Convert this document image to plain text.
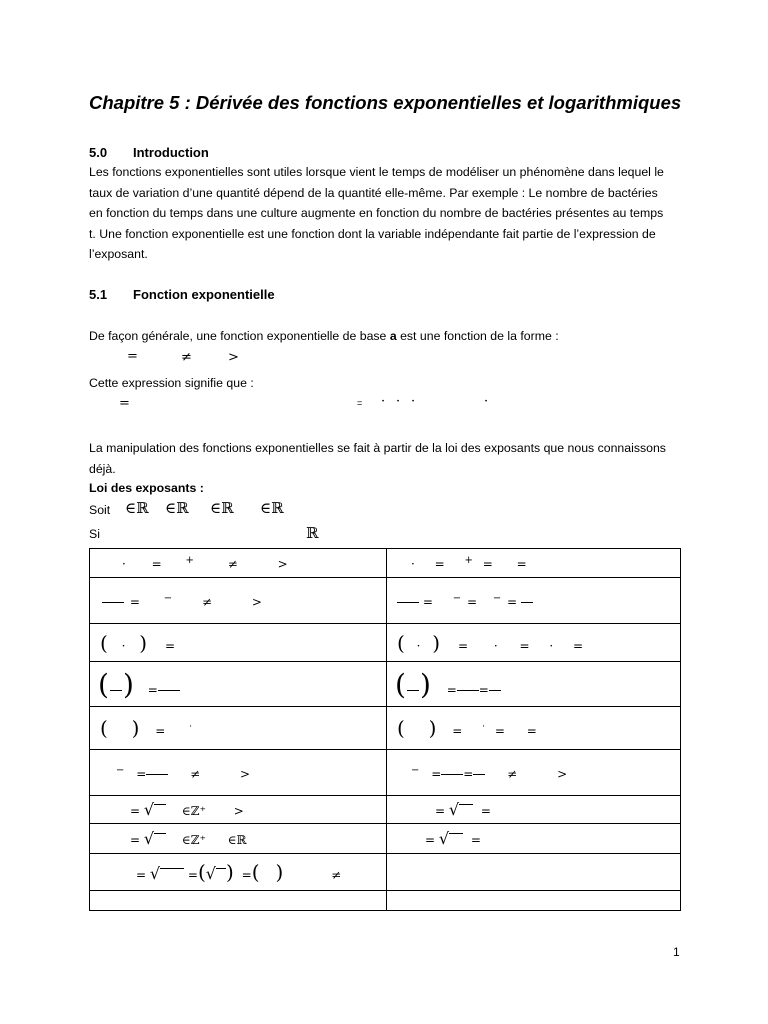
Chapitre 5 : Dérivée des fonctions exponentielles et logarithmiques
5.0 Introduction
Les fonctions exponentielles sont utiles lorsque vient le temps de modéliser un phénomène dans lequel le
taux de variation d’une quantité dépend de la quantité elle-même. Par exemple : Le nombre de bactéries
en fonction du temps dans une culture augmente en fonction du nombre de bactéries présentes au temps
t. Une fonction exponentielle est une fonction dont la variable indépendante fait partie de l’expression de
l’exposant.
5.1 Fonction exponentielle
De façon générale, une fonction exponentielle de base a est une fonction de la forme :
=	≠	>
Cette expression signifie que :
=	= · · ·	·
La manipulation des fonctions exponentielles se fait à partir de la loi des exposants que nous connaissons
déjà.
Loi des exposants :
Soit ∈ℝ ∈ℝ ∈ℝ ∈ℝ
Si	ℝ
· = + ≠ >	· = + = =
= − ≠ >	= − = − =
( · ) =	( · ) = · = · =
( ) =	( ) = =
( ) = ·	( ) = · = =
− = ≠ >	− = = ≠ >
= √ ∈ℤ⁺ >	= √ =
= √ ∈ℤ⁺ ∈ℝ	= √ =
= √ =(√ ) =( ) ≠	

1
